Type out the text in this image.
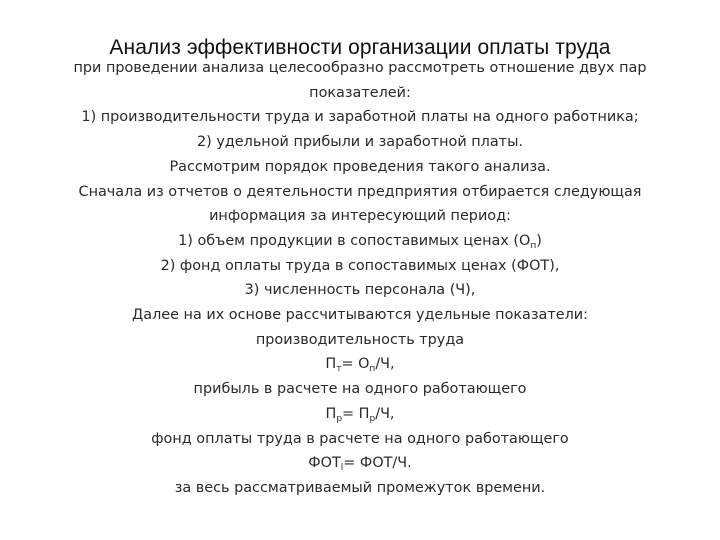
Анализ эффективности организации оплаты труда
при проведении анализа целесообразно рассмотреть отношение двух пар
показателей:
1) производительности труда и заработной платы на одного работника;
2) удельной прибыли и заработной платы.
Рассмотрим порядок проведения такого анализа.
Сначала из отчетов о деятельности предприятия отбирается следующая
информация за интересующий период:
1) объем продукции в сопоставимых ценах $(О_п)$
2) фонд оплаты труда в сопоставимых ценах (ФОТ),
3) численность персонала (Ч),
Далее на их основе рассчитываются удельные показатели:
производительность труда
$П_т= О_п/Ч$,
прибыль в расчете на одного работающего
$П_р= П_р/Ч$,
фонд оплаты труда в расчете на одного работающего
$ФОТ_l= ФОТ/Ч$.
за весь рассматриваемый промежуток времени.
